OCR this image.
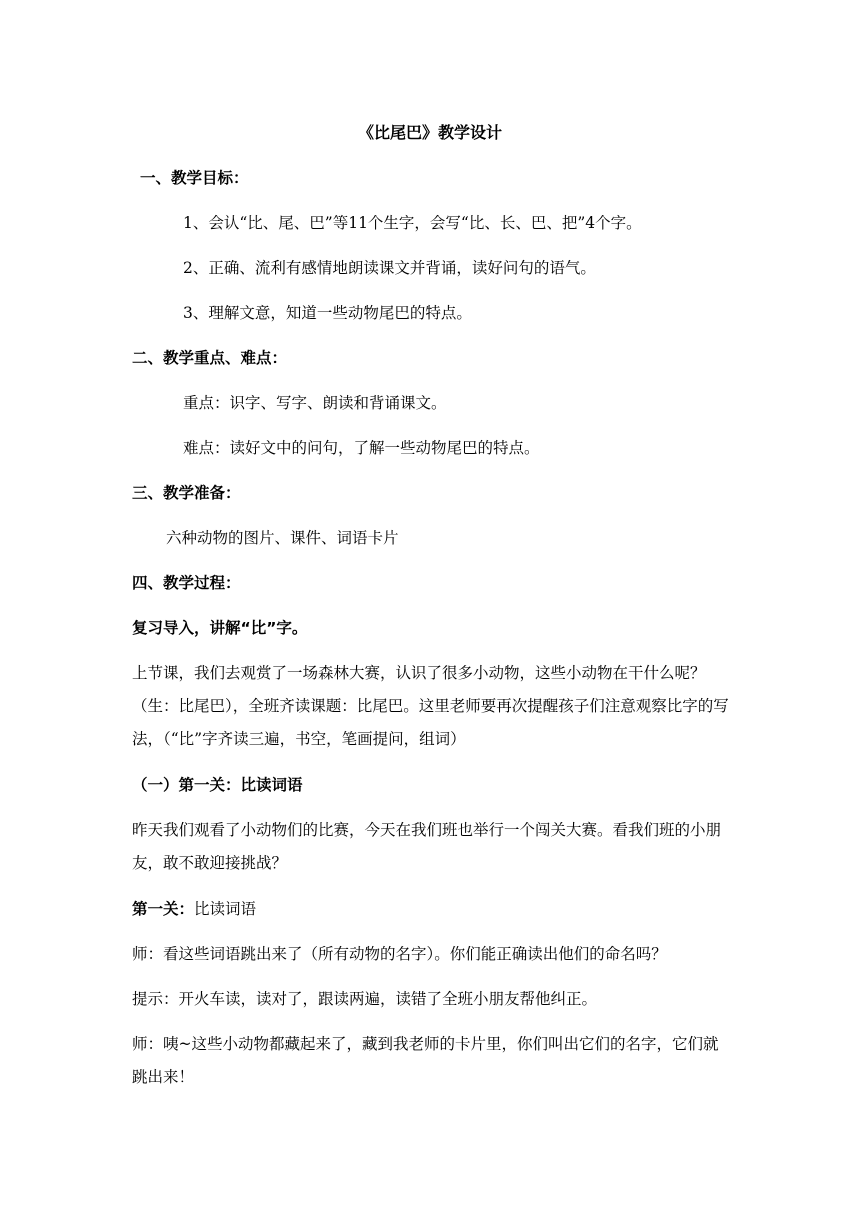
《比尾巴》教学设计
一、教学目标：
1、会认“比、尾、巴”等11个生字，会写“比、长、巴、把”4个字。
2、正确、流利有感情地朗读课文并背诵，读好问句的语气。
3、理解文意，知道一些动物尾巴的特点。
二、教学重点、难点：
重点：识字、写字、朗读和背诵课文。
难点：读好文中的问句，了解一些动物尾巴的特点。
三、教学准备：
六种动物的图片、课件、词语卡片
四、教学过程：
复习导入，讲解“比”字。
上节课，我们去观赏了一场森林大赛，认识了很多小动物，这些小动物在干什么呢？（生：比尾巴），全班齐读课题：比尾巴。这里老师要再次提醒孩子们注意观察比字的写法，（“比”字齐读三遍，书空，笔画提问，组词）
（一）第一关：比读词语
昨天我们观看了小动物们的比赛，今天在我们班也举行一个闯关大赛。看我们班的小朋友，敢不敢迎接挑战？
第一关：比读词语
师：看这些词语跳出来了（所有动物的名字）。你们能正确读出他们的命名吗？
提示：开火车读，读对了，跟读两遍，读错了全班小朋友帮他纠正。
师：咦~这些小动物都藏起来了，藏到我老师的卡片里，你们叫出它们的名字，它们就跳出来！
